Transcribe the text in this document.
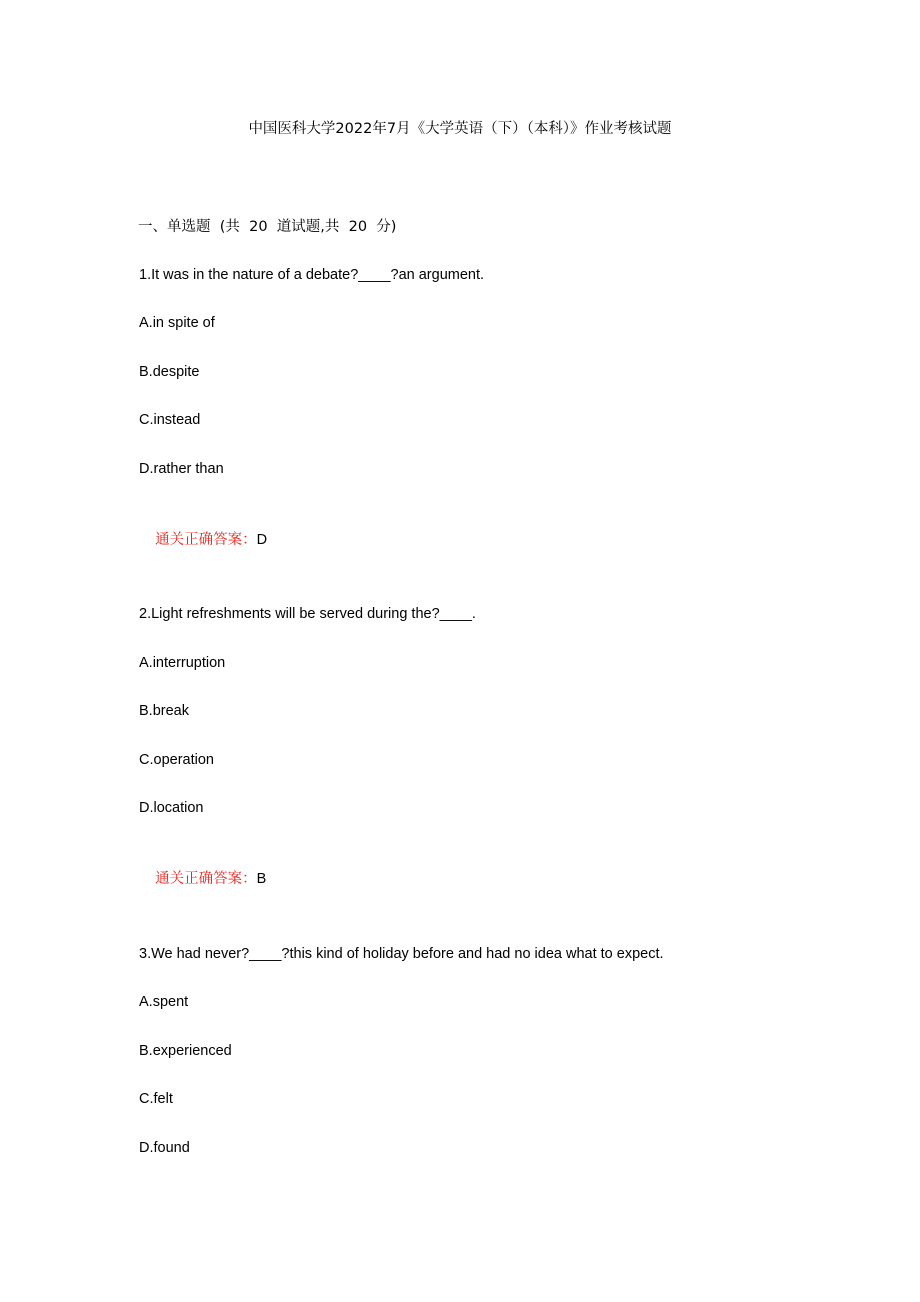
中国医科大学2022年7月《大学英语（下）（本科）》作业考核试题
一、单选题  (共  20  道试题,共  20  分)
1.It was in the nature of a debate?____?an argument.
A.in spite of
B.despite
C.instead
D.rather than

通关正确答案：D

2.Light refreshments will be served during the?____.
A.interruption
B.break
C.operation
D.location

通关正确答案：B

3.We had never?____?this kind of holiday before and had no idea what to expect.
A.spent
B.experienced
C.felt
D.found
